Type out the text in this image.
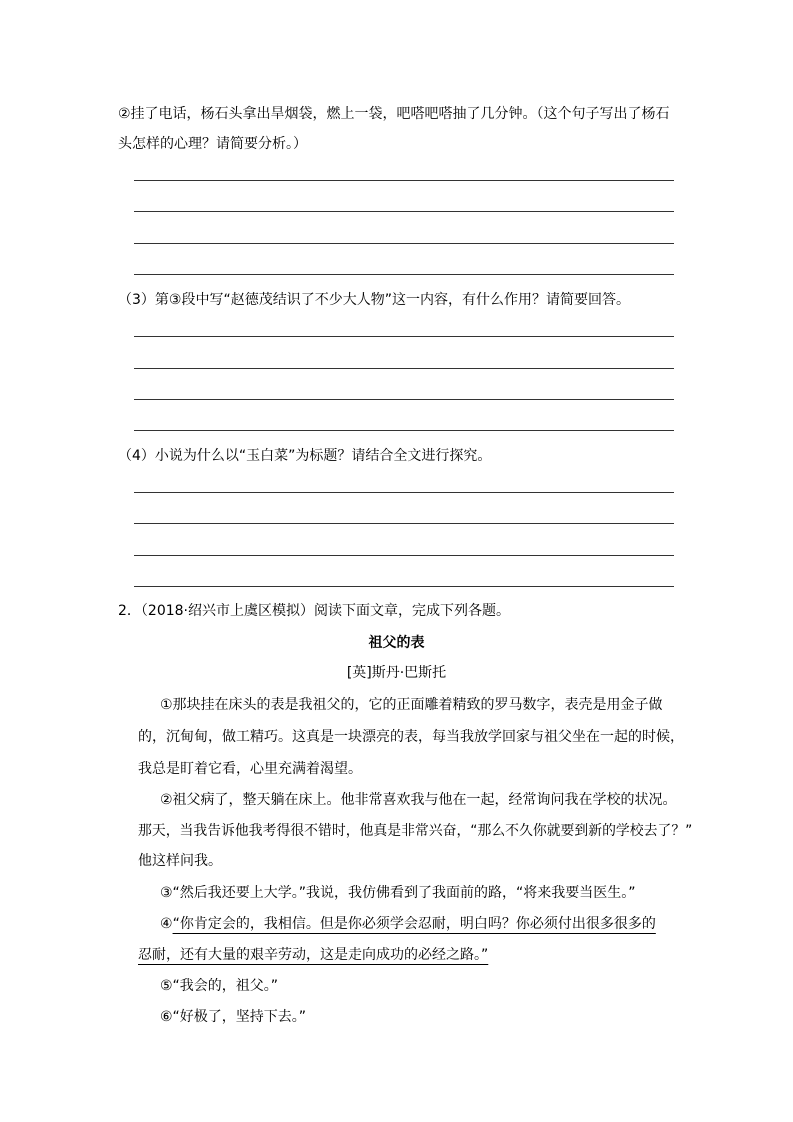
②挂了电话，杨石头拿出旱烟袋，燃上一袋，吧嗒吧嗒抽了几分钟。（这个句子写出了杨石
头怎样的心理？请简要分析。）
（3）第③段中写“赵德茂结识了不少大人物”这一内容，有什么作用？请简要回答。
（4）小说为什么以“玉白菜”为标题？请结合全文进行探究。
2．（2018·绍兴市上虞区模拟）阅读下面文章，完成下列各题。
祖父的表
[英]斯丹·巴斯托
①那块挂在床头的表是我祖父的，它的正面雕着精致的罗马数字，表壳是用金子做
的，沉甸甸，做工精巧。这真是一块漂亮的表，每当我放学回家与祖父坐在一起的时候，
我总是盯着它看，心里充满着渴望。
②祖父病了，整天躺在床上。他非常喜欢我与他在一起，经常询问我在学校的状况。
那天，当我告诉他我考得很不错时，他真是非常兴奋，“那么不久你就要到新的学校去了？”
他这样问我。
③“然后我还要上大学。”我说，我仿佛看到了我面前的路，“将来我要当医生。”
④“你肯定会的，我相信。但是你必须学会忍耐，明白吗？你必须付出很多很多的
忍耐，还有大量的艰辛劳动，这是走向成功的必经之路。”
⑤“我会的，祖父。”
⑥“好极了，坚持下去。”
